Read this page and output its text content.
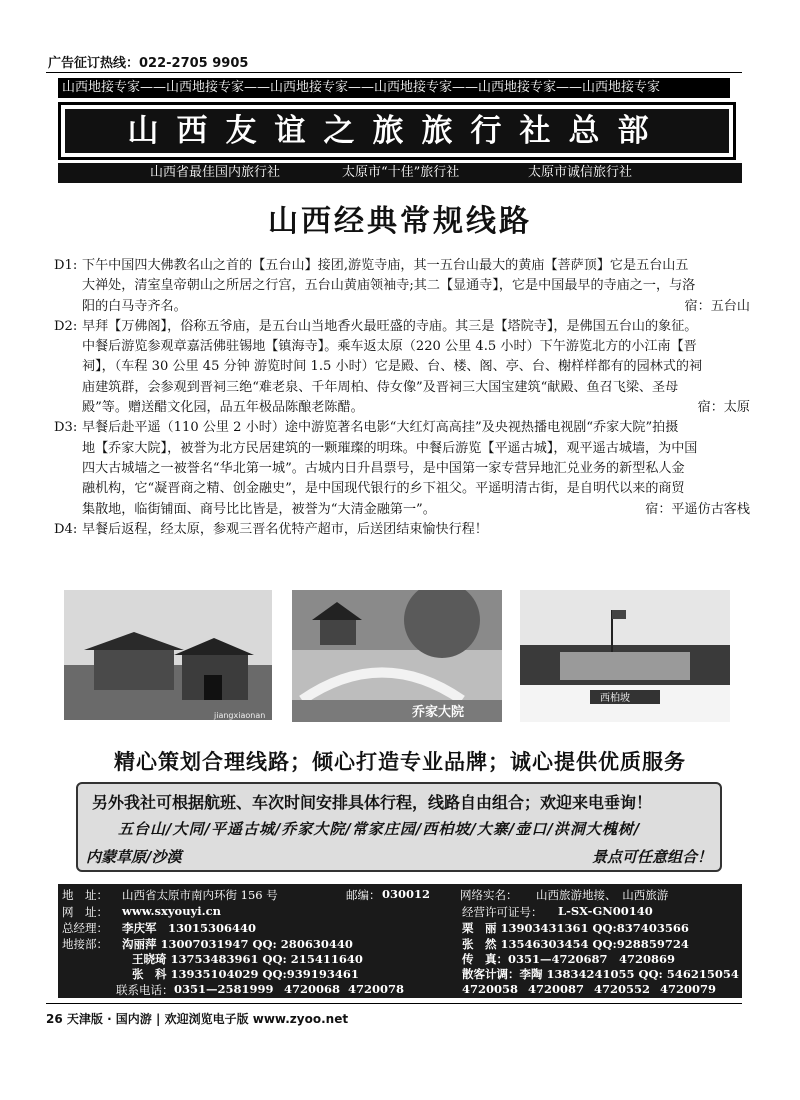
广告征订热线：022-2705 9905
山西地接专家——山西地接专家——山西地接专家——山西地接专家——山西地接专家——山西地接专家
山西友谊之旅旅行社总部
山西省最佳国内旅行社	太原市“十佳”旅行社	太原市诚信旅行社
山西经典常规线路
D1: 下午中国四大佛教名山之首的【五台山】接团,游览寺庙，其一五台山最大的黄庙【菩萨顶】它是五台山五
大禅处，清室皇帝朝山之所居之行宫，五台山黄庙领袖寺;其二【显通寺】，它是中国最早的寺庙之一，与洛
阳的白马寺齐名。	宿：五台山
D2: 早拜【万佛阁】，俗称五爷庙，是五台山当地香火最旺盛的寺庙。其三是【塔院寺】，是佛国五台山的象征。
中餐后游览参观章嘉活佛驻锡地【镇海寺】。乘车返太原（220 公里 4.5 小时）下午游览北方的小江南【晋
祠】，（车程 30 公里 45 分钟 游览时间 1.5 小时）它是殿、台、楼、阁、亭、台、榭样样都有的园林式的祠
庙建筑群，会参观到晋祠三绝“难老泉、千年周柏、侍女像”及晋祠三大国宝建筑“献殿、鱼召飞梁、圣母
殿”等。赠送醋文化园，品五年极品陈酿老陈醋。	宿：太原
D3: 早餐后赴平遥（110 公里 2 小时）途中游览著名电影“大红灯高高挂”及央视热播电视剧“乔家大院”拍摄
地【乔家大院】，被誉为北方民居建筑的一颗璀璨的明珠。中餐后游览【平遥古城】，观平遥古城墙，为中国
四大古城墙之一被誉名“华北第一城”。古城内日升昌票号，是中国第一家专营异地汇兑业务的新型私人金
融机构，它“凝晋商之精、创金融史”，是中国现代银行的乡下祖父。平遥明清古街，是自明代以来的商贸
集散地，临街铺面、商号比比皆是，被誉为“大清金融第一”。	宿：平遥仿古客栈
D4: 早餐后返程，经太原，参观三晋名优特产超市，后送团结束愉快行程！
jiangxiaonan	乔家大院
西柏坡
精心策划合理线路；倾心打造专业品牌；诚心提供优质服务
另外我社可根据航班、车次时间安排具体行程，线路自由组合；欢迎来电垂询！
五台山/大同/平遥古城/乔家大院/常家庄园/西柏坡/大寨/壶口/洪洞大槐树/
内蒙草原/沙漠	景点可任意组合！
地　址： 山西省太原市南内环街 156 号	邮编： 030012	网络实名： 山西旅游地接、　山西旅游
网　址： www.sxyouyi.cn	经营许可证号： L-SX-GN00140
总经理： 李庆军　13015306440	栗　丽 13903431361 QQ:837403566
地接部： 沟丽萍 13007031947 QQ: 280630440	张　然 13546303454 QQ:928859724
王晓琦 13753483961 QQ: 215411640	传　真：0351—4720687　4720869
张　科 13935104029 QQ:939193461	散客计调：李陶 13834241055 QQ: 546215054
联系电话： 0351—2581999 4720068 4720078	4720058 4720087 4720552 4720079
26 天津版 · 国内游 | 欢迎浏览电子版 www.zyoo.net
